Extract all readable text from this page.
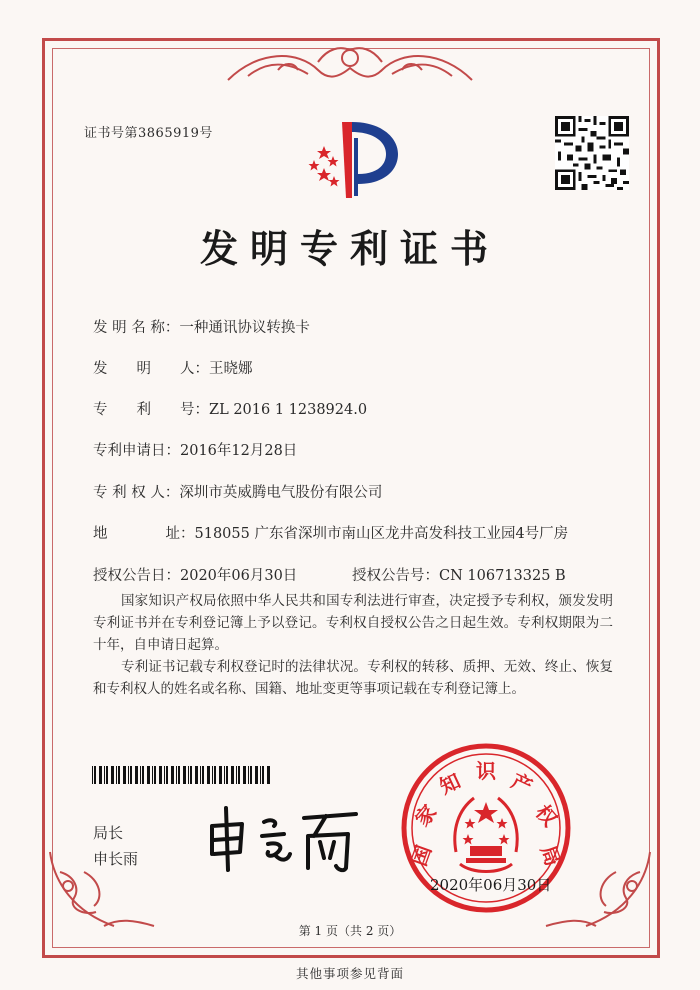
证书号第3865919号
发明专利证书
发 明 名 称：一种通讯协议转换卡
发　　明　　人：王晓娜
专　　利　　号：ZL 2016 1 1238924.0
专利申请日：2016年12月28日
专 利 权 人：深圳市英威腾电气股份有限公司
地　　　　址：518055 广东省深圳市南山区龙井高发科技工业园4号厂房
授权公告日：2020年06月30日	授权公告号：CN 106713325 B

国家知识产权局依照中华人民共和国专利法进行审查，决定授予专利权，颁发发明专利证书并在专利登记簿上予以登记。专利权自授权公告之日起生效。专利权期限为二十年，自申请日起算。

专利证书记载专利权登记时的法律状况。专利权的转移、质押、无效、终止、恢复和专利权人的姓名或名称、国籍、地址变更等事项记载在专利登记簿上。

局长
申长雨	国
家
知 识 产
权
局
2020年06月30日
第 1 页（共 2 页）
其他事项参见背面
